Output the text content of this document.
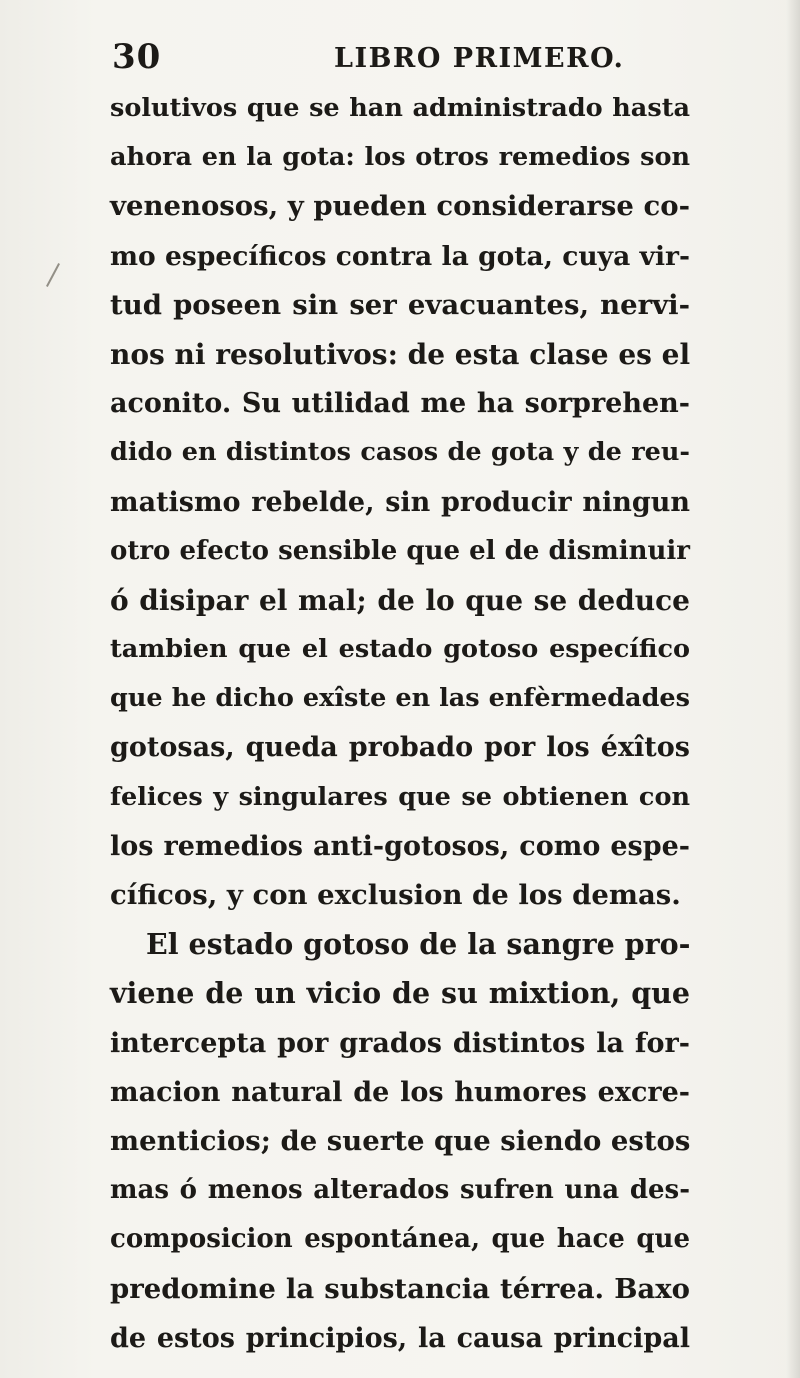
30	LIBRO PRIMERO.
solutivos que se han administrado hasta
ahora en la gota: los otros remedios son
venenosos, y pueden considerarse co-
mo específicos contra la gota, cuya vir-
tud poseen sin ser evacuantes, nervi-
nos ni resolutivos: de esta clase es el
aconito. Su utilidad me ha sorprehen-
dido en distintos casos de gota y de reu-
matismo rebelde, sin producir ningun
otro efecto sensible que el de disminuir
ó disipar el mal; de lo que se deduce
tambien que el estado gotoso específico
que he dicho exîste en las enfèrmedades
gotosas, queda probado por los éxîtos
felices y singulares que se obtienen con
los remedios anti-gotosos, como espe-
cíficos, y con exclusion de los demas.
El estado gotoso de la sangre pro-
viene de un vicio de su mixtion, que
intercepta por grados distintos la for-
macion natural de los humores excre-
menticios; de suerte que siendo estos
mas ó menos alterados sufren una des-
composicion espontánea, que hace que
predomine la substancia térrea. Baxo
de estos principios, la causa principal
